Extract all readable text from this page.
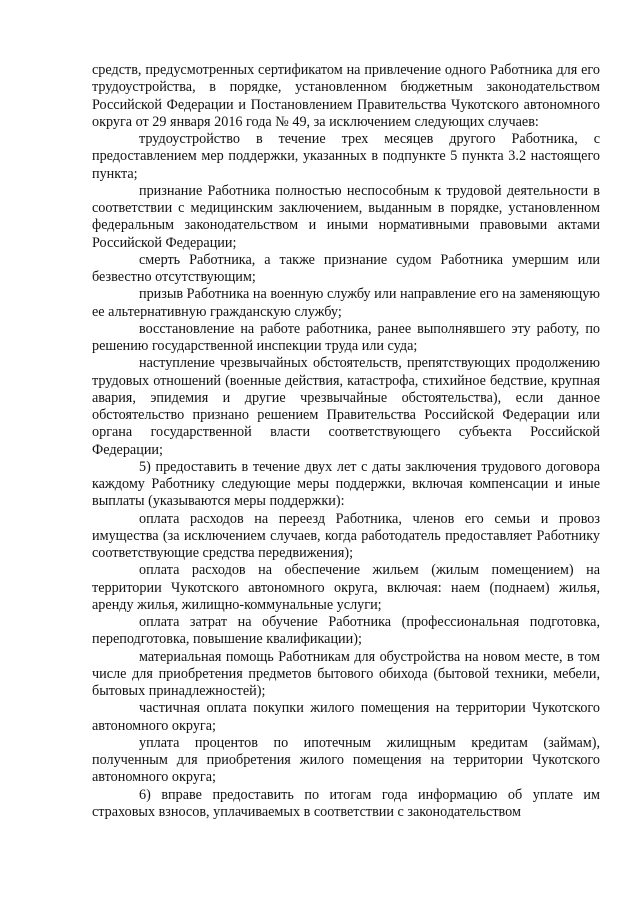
средств, предусмотренных сертификатом на привлечение одного Работника для его трудоустройства, в порядке, установленном бюджетным законодательством Российской Федерации и Постановлением Правительства Чукотского автономного округа от 29 января 2016 года № 49, за исключением следующих случаев:

трудоустройство в течение трех месяцев другого Работника, с предоставлением мер поддержки, указанных в подпункте 5 пункта 3.2 настоящего пункта;

признание Работника полностью неспособным к трудовой деятельности в соответствии с медицинским заключением, выданным в порядке, установленном федеральным законодательством и иными нормативными правовыми актами Российской Федерации;

смерть Работника, а также признание судом Работника умершим или безвестно отсутствующим;

призыв Работника на военную службу или направление его на заменяющую ее альтернативную гражданскую службу;

восстановление на работе работника, ранее выполнявшего эту работу, по решению государственной инспекции труда или суда;

наступление чрезвычайных обстоятельств, препятствующих продолжению трудовых отношений (военные действия, катастрофа, стихийное бедствие, крупная авария, эпидемия и другие чрезвычайные обстоятельства), если данное обстоятельство признано решением Правительства Российской Федерации или органа государственной власти соответствующего субъекта Российской Федерации;

5) предоставить в течение двух лет с даты заключения трудового договора каждому Работнику следующие меры поддержки, включая компенсации и иные выплаты (указываются меры поддержки):

оплата расходов на переезд Работника, членов его семьи и провоз имущества (за исключением случаев, когда работодатель предоставляет Работнику соответствующие средства передвижения);

оплата расходов на обеспечение жильем (жилым помещением) на территории Чукотского автономного округа, включая: наем (поднаем) жилья, аренду жилья, жилищно-коммунальные услуги;

оплата затрат на обучение Работника (профессиональная подготовка, переподготовка, повышение квалификации);

материальная помощь Работникам для обустройства на новом месте, в том числе для приобретения предметов бытового обихода (бытовой техники, мебели, бытовых принадлежностей);

частичная оплата покупки жилого помещения на территории Чукотского автономного округа;

уплата процентов по ипотечным жилищным кредитам (займам), полученным для приобретения жилого помещения на территории Чукотского автономного округа;

6) вправе предоставить по итогам года информацию об уплате им страховых взносов, уплачиваемых в соответствии с законодательством
